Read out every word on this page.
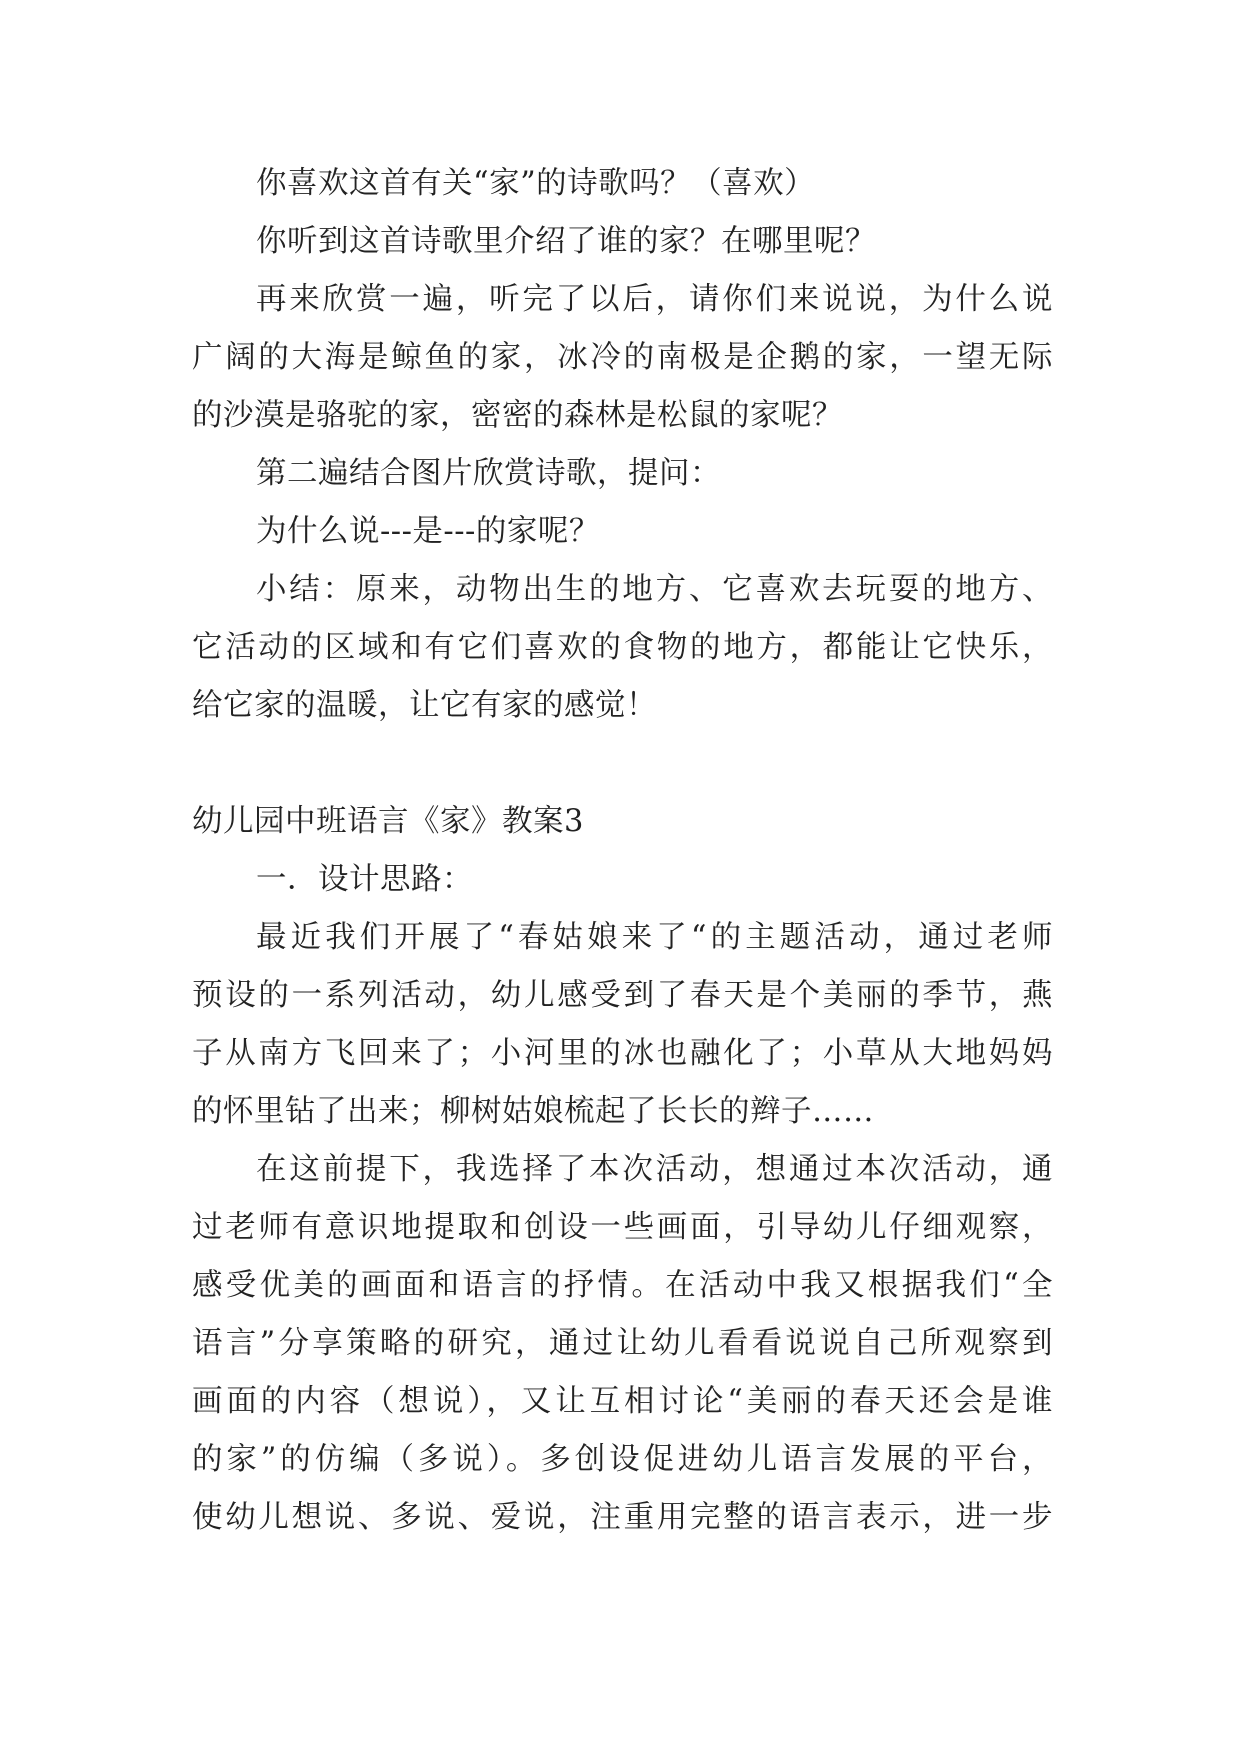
你喜欢这首有关“家”的诗歌吗？（喜欢）
你听到这首诗歌里介绍了谁的家？在哪里呢？
再来欣赏一遍，听完了以后，请你们来说说，为什么说
广阔的大海是鲸鱼的家，冰冷的南极是企鹅的家，一望无际
的沙漠是骆驼的家，密密的森林是松鼠的家呢？
第二遍结合图片欣赏诗歌，提问：
为什么说---是---的家呢？
小结：原来，动物出生的地方、它喜欢去玩耍的地方、
它活动的区域和有它们喜欢的食物的地方，都能让它快乐，
给它家的温暖，让它有家的感觉！
幼儿园中班语言《家》教案3
一．设计思路：
最近我们开展了“春姑娘来了“的主题活动，通过老师
预设的一系列活动，幼儿感受到了春天是个美丽的季节，燕
子从南方飞回来了；小河里的冰也融化了；小草从大地妈妈
的怀里钻了出来；柳树姑娘梳起了长长的辫子……
在这前提下，我选择了本次活动，想通过本次活动，通
过老师有意识地提取和创设一些画面，引导幼儿仔细观察，
感受优美的画面和语言的抒情。在活动中我又根据我们“全
语言”分享策略的研究，通过让幼儿看看说说自己所观察到
画面的内容（想说），又让互相讨论“美丽的春天还会是谁
的家”的仿编（多说）。多创设促进幼儿语言发展的平台，
使幼儿想说、多说、爱说，注重用完整的语言表示，进一步
